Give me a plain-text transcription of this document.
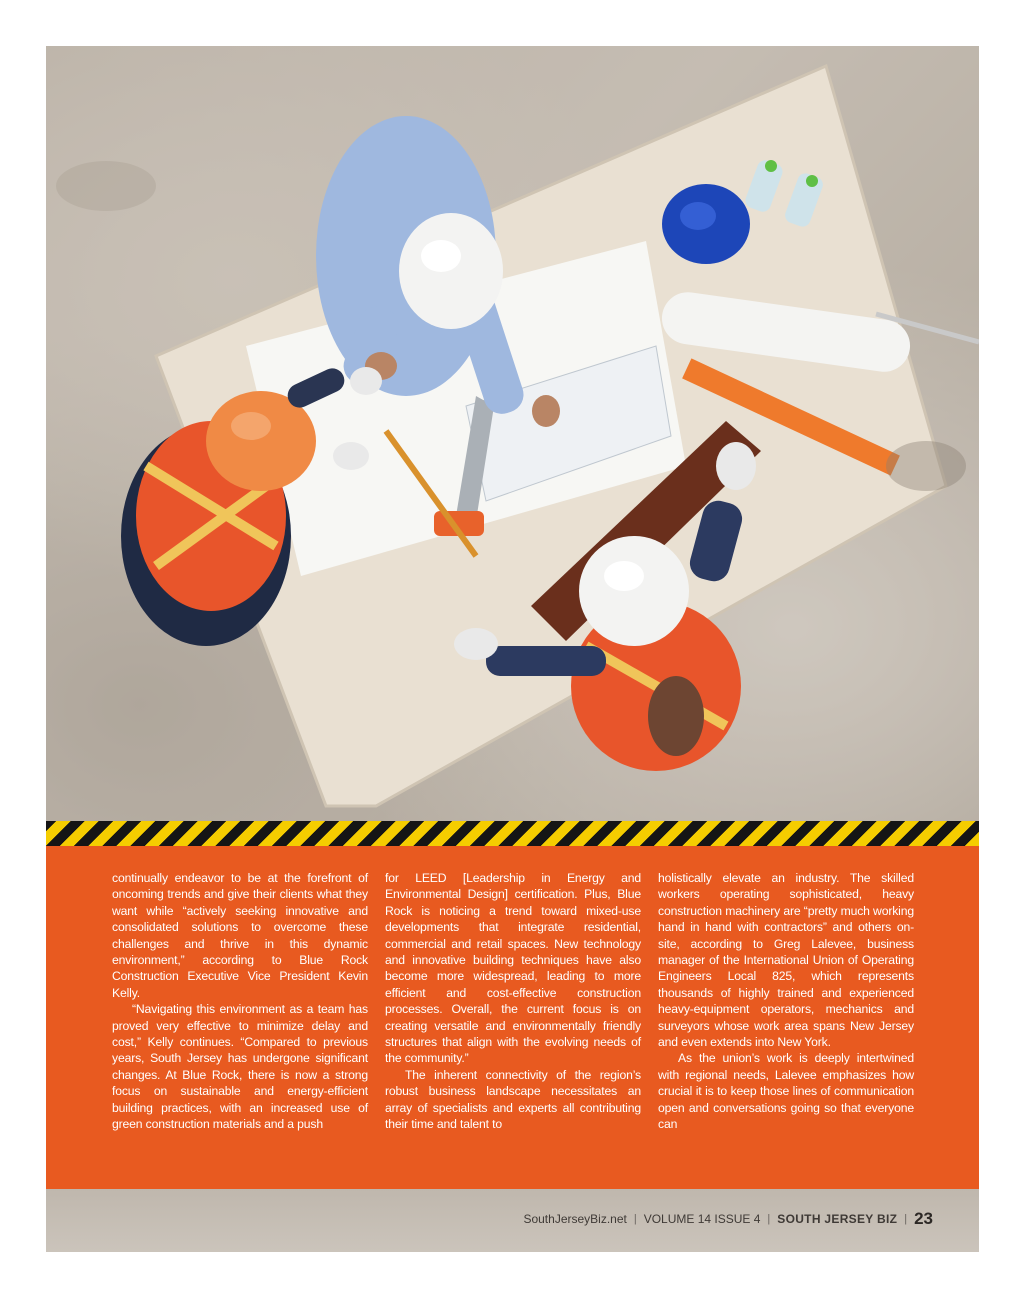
continually endeavor to be at the forefront of oncoming trends and give their clients what they want while “actively seeking innovative and consolidated solutions to overcome these challenges and thrive in this dynamic environment,” according to Blue Rock Construction Executive Vice President Kevin Kelly.

“Navigating this environment as a team has proved very effective to minimize delay and cost,” Kelly continues. “Compared to previous years, South Jersey has undergone significant changes. At Blue Rock, there is now a strong focus on sustainable and energy-efficient building practices, with an increased use of green construction materials and a push

for LEED [Leadership in Energy and Environmental Design] certification. Plus, Blue Rock is noticing a trend toward mixed-use developments that integrate residential, commercial and retail spaces. New technology and innovative building techniques have also become more widespread, leading to more efficient and cost-effective construction processes. Overall, the current focus is on creating versatile and environmentally friendly structures that align with the evolving needs of the community.”

The inherent connectivity of the region’s robust business landscape necessitates an array of specialists and experts all contributing their time and talent to

holistically elevate an industry. The skilled workers operating sophisticated, heavy construction machinery are “pretty much working hand in hand with contractors” and others on-site, according to Greg Lalevee, business manager of the International Union of Operating Engineers Local 825, which represents thousands of highly trained and experienced heavy-equipment operators, mechanics and surveyors whose work area spans New Jersey and even extends into New York.

As the union’s work is deeply intertwined with regional needs, Lalevee emphasizes how crucial it is to keep those lines of communication open and conversations going so that everyone can

SouthJerseyBiz.net | VOLUME 14 ISSUE 4 | SOUTH JERSEY BIZ | 23
